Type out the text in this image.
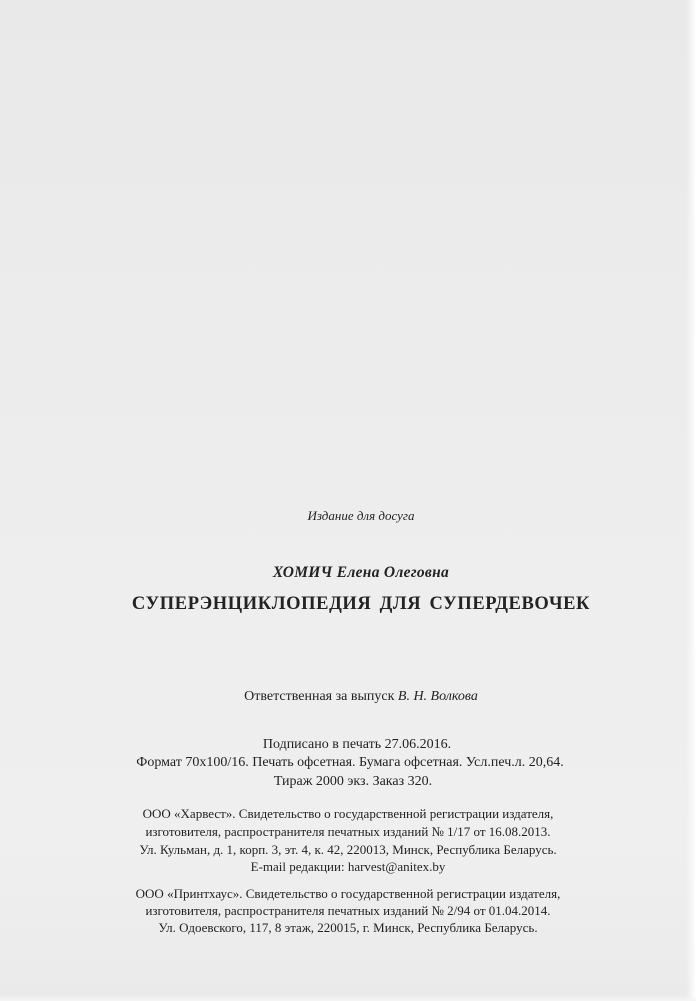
Издание для досуга

ХОМИЧ Елена Олеговна

СУПЕРЭНЦИКЛОПЕДИЯ ДЛЯ СУПЕРДЕВОЧЕК

Ответственная за выпуск В. Н. Волкова

Подписано в печать 27.06.2016.

Формат 70x100/16. Печать офсетная. Бумага офсетная. Усл.печ.л. 20,64.

Тираж 2000 экз. Заказ 320.

ООО «Харвест». Свидетельство о государственной регистрации издателя,

изготовителя, распространителя печатных изданий № 1/17 от 16.08.2013.

Ул. Кульман, д. 1, корп. 3, эт. 4, к. 42, 220013, Минск, Республика Беларусь.

E-mail редакции: harvest@anitex.by

ООО «Принтхаус». Свидетельство о государственной регистрации издателя,

изготовителя, распространителя печатных изданий № 2/94 от 01.04.2014.

Ул. Одоевского, 117, 8 этаж, 220015, г. Минск, Республика Беларусь.
